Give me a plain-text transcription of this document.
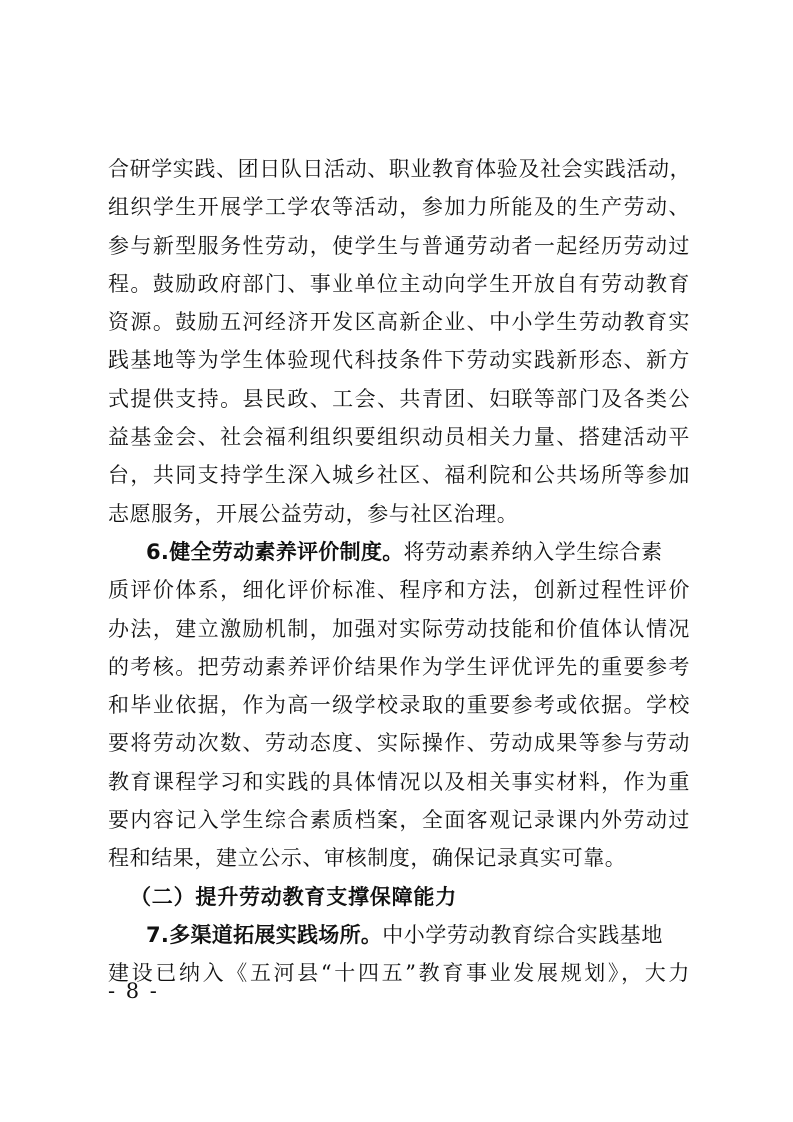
合研学实践、团日队日活动、职业教育体验及社会实践活动，
组织学生开展学工学农等活动，参加力所能及的生产劳动、
参与新型服务性劳动，使学生与普通劳动者一起经历劳动过
程。鼓励政府部门、事业单位主动向学生开放自有劳动教育
资源。鼓励五河经济开发区高新企业、中小学生劳动教育实
践基地等为学生体验现代科技条件下劳动实践新形态、新方
式提供支持。县民政、工会、共青团、妇联等部门及各类公
益基金会、社会福利组织要组织动员相关力量、搭建活动平
台，共同支持学生深入城乡社区、福利院和公共场所等参加
志愿服务，开展公益劳动，参与社区治理。
6.健全劳动素养评价制度。将劳动素养纳入学生综合素
质评价体系，细化评价标准、程序和方法，创新过程性评价
办法，建立激励机制，加强对实际劳动技能和价值体认情况
的考核。把劳动素养评价结果作为学生评优评先的重要参考
和毕业依据，作为高一级学校录取的重要参考或依据。学校
要将劳动次数、劳动态度、实际操作、劳动成果等参与劳动
教育课程学习和实践的具体情况以及相关事实材料，作为重
要内容记入学生综合素质档案，全面客观记录课内外劳动过
程和结果，建立公示、审核制度，确保记录真实可靠。
（二）提升劳动教育支撑保障能力
7.多渠道拓展实践场所。中小学劳动教育综合实践基地
建设已纳入《五河县“十四五”教育事业发展规划》，大力
- 8 -
